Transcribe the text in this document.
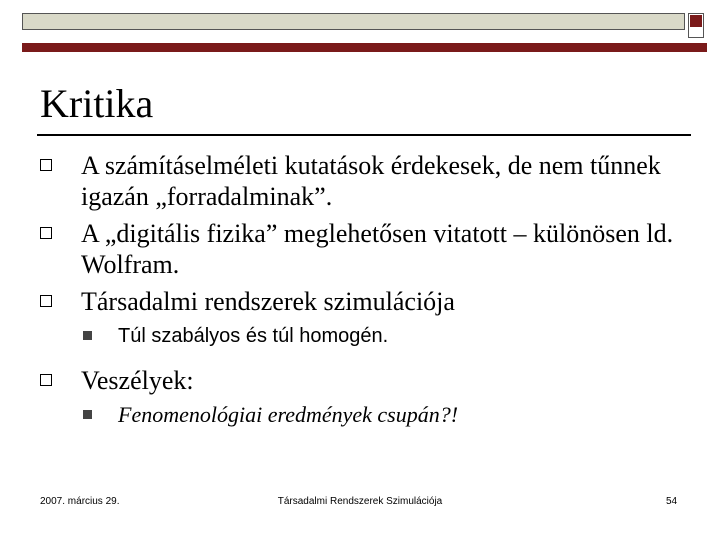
Kritika
A számításelméleti kutatások érdekesek, de nem tűnnek igazán „forradalminak”.
A „digitális fizika” meglehetősen vitatott – különösen ld. Wolfram.
Társadalmi rendszerek szimulációja
Túl szabályos és túl homogén.
Veszélyek:
Fenomenológiai eredmények csupán?!
2007. március 29.	Társadalmi Rendszerek Szimulációja	54
